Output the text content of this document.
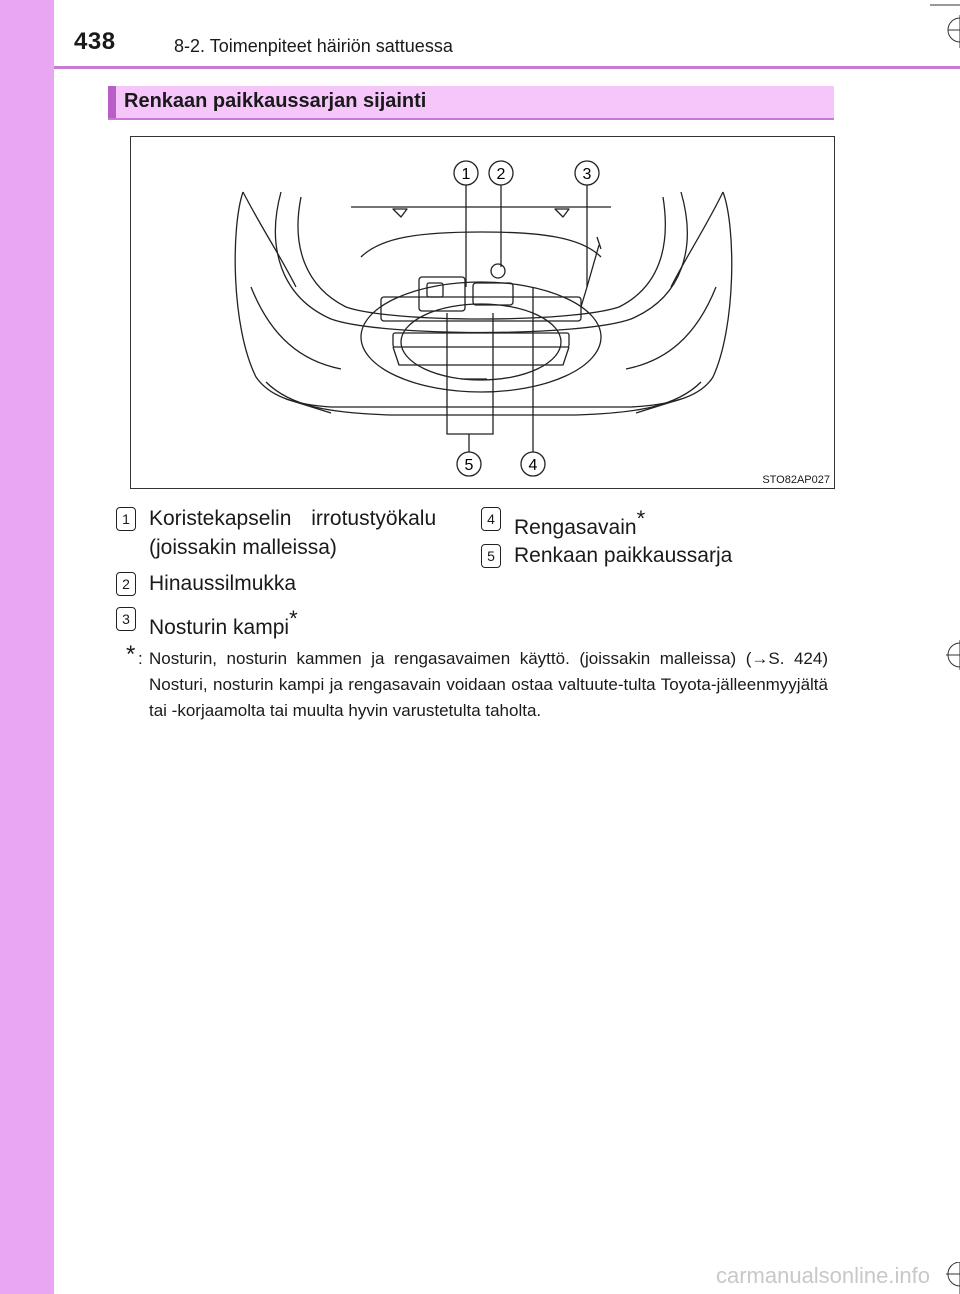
438	8-2. Toimenpiteet häiriön sattuessa
Renkaan paikkaussarjan sijainti
1 2	3
4
5
STO82AP027
1 Koristekapselin irrotustyökalu
(joissakin malleissa)
2 Hinaussilmukka
3 Nosturin kampi*
4 Rengasavain*
5 Renkaan paikkaussarja
* : Nosturin, nosturin kammen ja rengasavaimen käyttö. (joissakin malleissa) (→S. 424) Nosturi, nosturin kampi ja rengasavain voidaan ostaa valtuute-tulta Toyota-jälleenmyyjältä tai -korjaamolta tai muulta hyvin varustetulta taholta.
carmanualsonline.info
